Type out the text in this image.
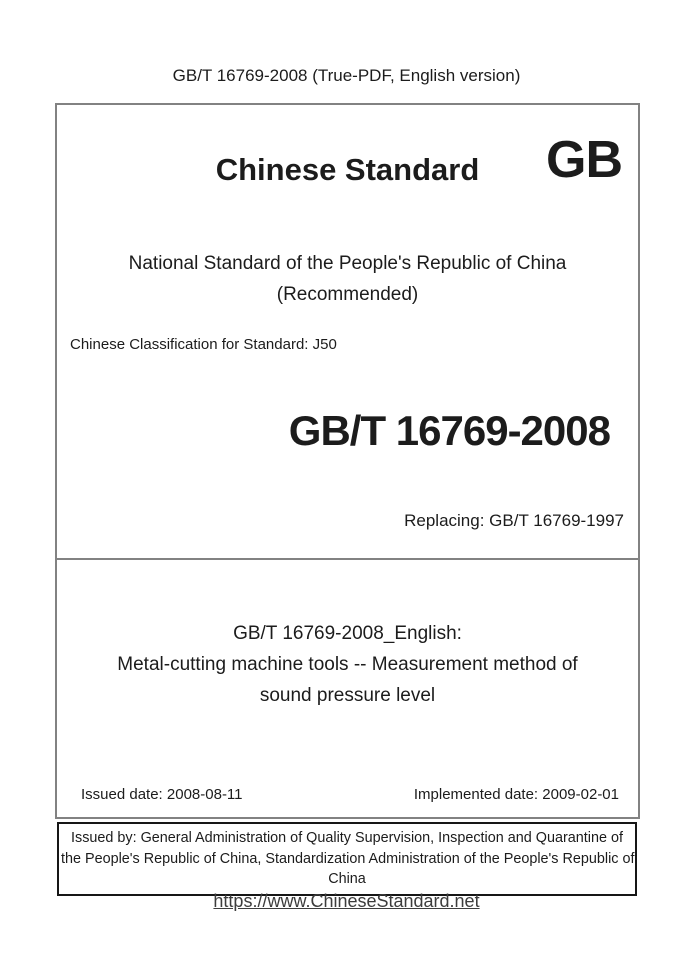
GB/T 16769-2008 (True-PDF, English version)
Chinese Standard	GB
National Standard of the People's Republic of China
(Recommended)
Chinese Classification for Standard: J50
GB/T 16769-2008
Replacing: GB/T 16769-1997
GB/T 16769-2008_English:
Metal-cutting machine tools -- Measurement method of
sound pressure level
Issued date: 2008-08-11	Implemented date: 2009-02-01
Issued by: General Administration of Quality Supervision, Inspection and Quarantine of
the People's Republic of China, Standardization Administration of the People's Republic of
China
https://www.ChineseStandard.net
